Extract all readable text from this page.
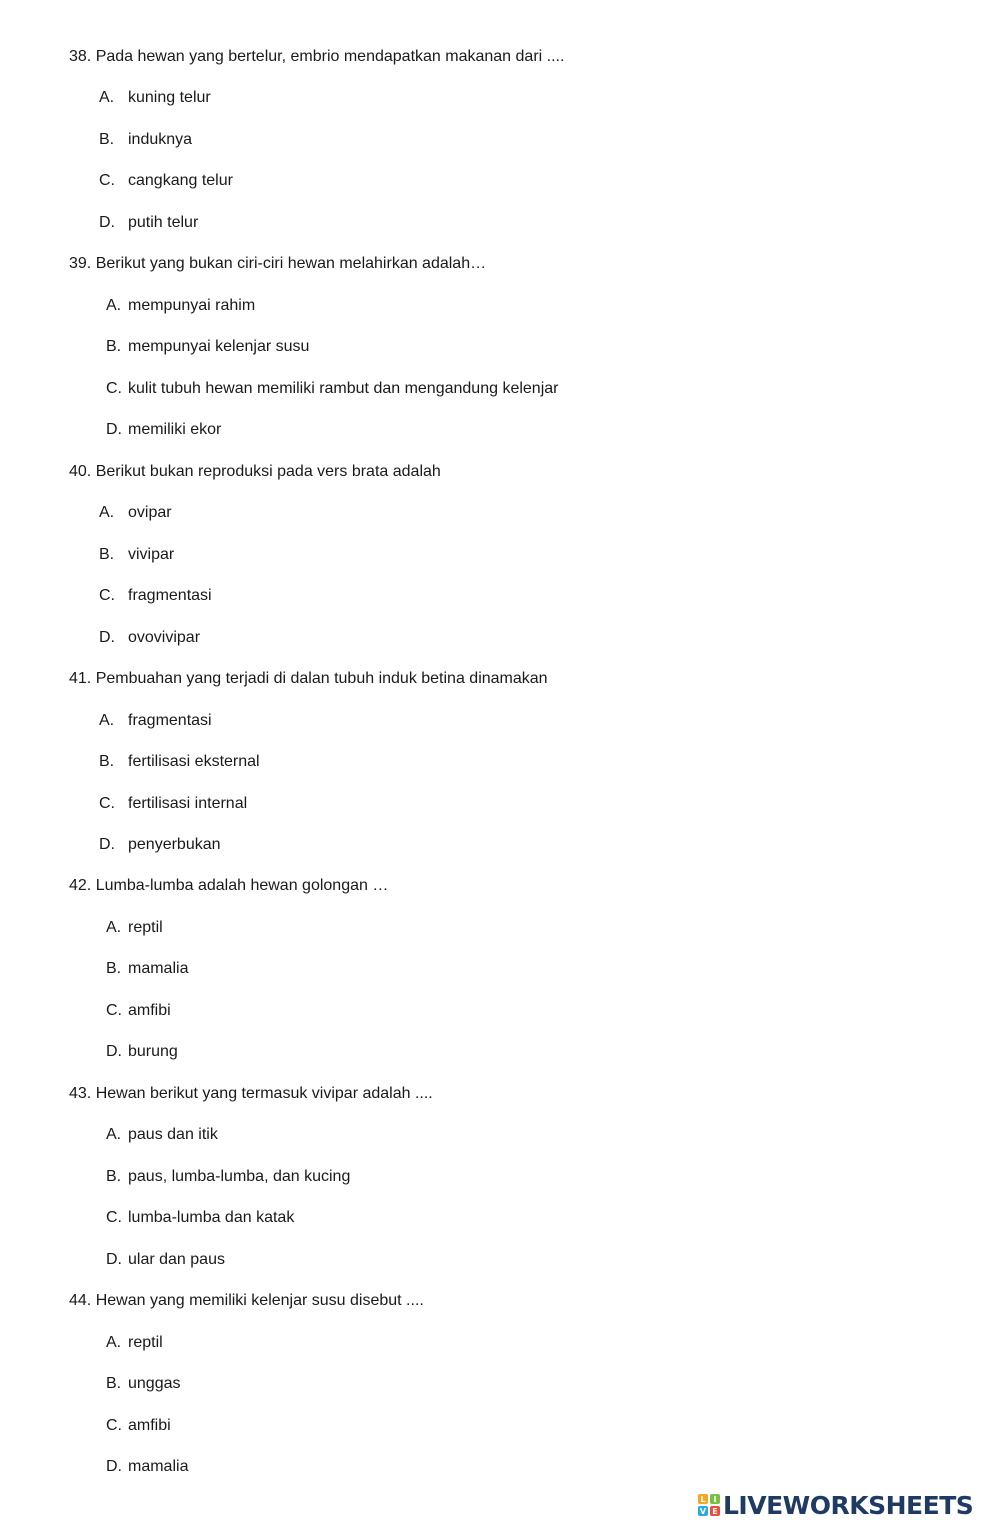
38. Pada hewan yang bertelur, embrio mendapatkan makanan dari ....
A. kuning telur
B. induknya
C. cangkang telur
D. putih telur
39. Berikut yang bukan ciri-ciri hewan melahirkan adalah…
A. mempunyai rahim
B. mempunyai kelenjar susu
C. kulit tubuh hewan memiliki rambut dan mengandung kelenjar
D. memiliki ekor
40. Berikut bukan reproduksi pada vers brata adalah
A. ovipar
B. vivipar
C. fragmentasi
D. ovovivipar
41. Pembuahan yang terjadi di dalan tubuh induk betina dinamakan
A. fragmentasi
B. fertilisasi eksternal
C. fertilisasi internal
D. penyerbukan
42. Lumba-lumba adalah hewan golongan …
A. reptil
B. mamalia
C. amfibi
D. burung
43. Hewan berikut yang termasuk vivipar adalah ....
A. paus dan itik
B. paus, lumba-lumba, dan kucing
C. lumba-lumba dan katak
D. ular dan paus
44. Hewan yang memiliki kelenjar susu disebut ....
A. reptil
B. unggas
C. amfibi
D. mamalia
L I
V E LIVEWORKSHEETS
